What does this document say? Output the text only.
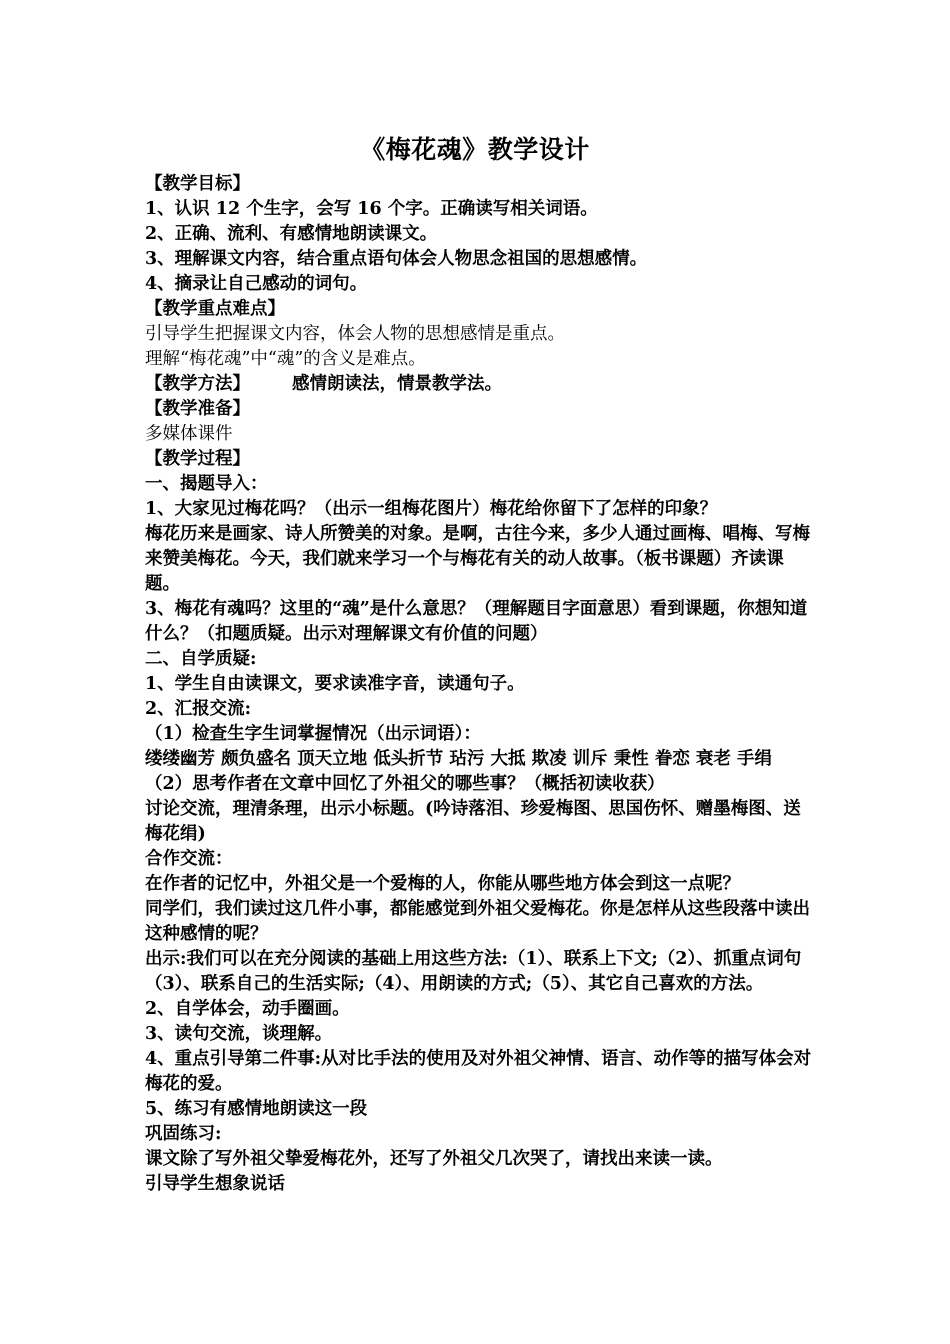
《梅花魂》教学设计

【教学目标】

1、认识 12 个生字，会写 16 个字。正确读写相关词语。

2、正确、流利、有感情地朗读课文。

3、理解课文内容，结合重点语句体会人物思念祖国的思想感情。

4、摘录让自己感动的词句。

【教学重点难点】

引导学生把握课文内容，体会人物的思想感情是重点。

理解“梅花魂”中“魂”的含义是难点。

【教学方法】 感情朗读法，情景教学法。

【教学准备】

多媒体课件

【教学过程】

一、揭题导入：

1、大家见过梅花吗？（出示一组梅花图片）梅花给你留下了怎样的印象？

梅花历来是画家、诗人所赞美的对象。是啊，古往今来，多少人通过画梅、唱梅、写梅来赞美梅花。今天，我们就来学习一个与梅花有关的动人故事。（板书课题）齐读课题。

3、梅花有魂吗？这里的“魂”是什么意思？（理解题目字面意思）看到课题，你想知道什么？（扣题质疑。出示对理解课文有价值的问题）

二、自学质疑:

1、学生自由读课文，要求读准字音，读通句子。

2、汇报交流:

（1）检查生字生词掌握情况（出示词语）：

缕缕幽芳 颇负盛名 顶天立地 低头折节 玷污 大抵 欺凌 训斥 秉性 眷恋 衰老 手绢

（2）思考作者在文章中回忆了外祖父的哪些事？（概括初读收获）

讨论交流，理清条理，出示小标题。(吟诗落泪、珍爱梅图、思国伤怀、赠墨梅图、送梅花绢)

合作交流：

在作者的记忆中，外祖父是一个爱梅的人，你能从哪些地方体会到这一点呢？

同学们，我们读过这几件小事，都能感觉到外祖父爱梅花。你是怎样从这些段落中读出这种感情的呢？

出示:我们可以在充分阅读的基础上用这些方法:（1）、联系上下文;（2）、抓重点词句（3）、联系自己的生活实际;（4）、用朗读的方式;（5）、其它自己喜欢的方法。

2、自学体会，动手圈画。

3、读句交流，谈理解。

4、重点引导第二件事:从对比手法的使用及对外祖父神情、语言、动作等的描写体会对梅花的爱。

5、练习有感情地朗读这一段

巩固练习:

课文除了写外祖父挚爱梅花外，还写了外祖父几次哭了，请找出来读一读。

引导学生想象说话
